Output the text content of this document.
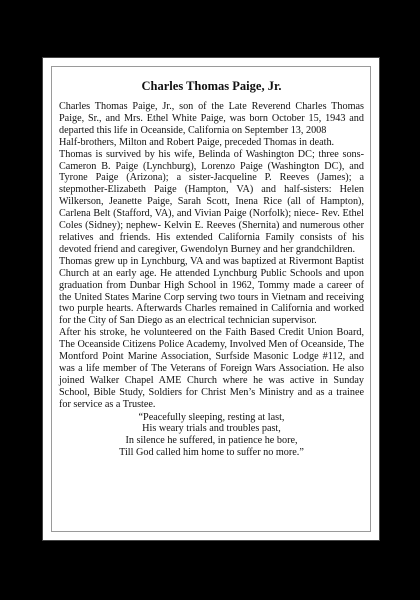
Charles Thomas Paige, Jr.

Charles Thomas Paige, Jr., son of the Late Reverend Charles Thomas Paige, Sr., and Mrs. Ethel White Paige, was born October 15, 1943 and departed this life in Oceanside, California on September 13, 2008

Half-brothers, Milton and Robert Paige, preceded Thomas in death.

Thomas is survived by his wife, Belinda of Washington DC; three sons- Cameron B. Paige (Lynchburg), Lorenzo Paige (Washington DC), and Tyrone Paige (Arizona); a sister-Jacqueline P. Reeves (James); a stepmother-Elizabeth Paige (Hampton, VA) and half-sisters: Helen Wilkerson, Jeanette Paige, Sarah Scott, Inena Rice (all of Hampton), Carlena Belt (Stafford, VA), and Vivian Paige (Norfolk); niece- Rev. Ethel Coles (Sidney); nephew- Kelvin E. Reeves (Shernita) and numerous other relatives and friends. His extended California Family consists of his devoted friend and caregiver, Gwendolyn Burney and her grandchildren.

Thomas grew up in Lynchburg, VA and was baptized at Rivermont Baptist Church at an early age. He attended Lynchburg Public Schools and upon graduation from Dunbar High School in 1962, Tommy made a career of the United States Marine Corp serving two tours in Vietnam and receiving two purple hearts. Afterwards Charles remained in California and worked for the City of San Diego as an electrical technician supervisor.

After his stroke, he volunteered on the Faith Based Credit Union Board, The Oceanside Citizens Police Academy, Involved Men of Oceanside, The Montford Point Marine Association, Surfside Masonic Lodge #112, and was a life member of The Veterans of Foreign Wars Association. He also joined Walker Chapel AME Church where he was active in Sunday School, Bible Study, Soldiers for Christ Men’s Ministry and as a trainee for service as a Trustee.

“Peacefully sleeping, resting at last,
His weary trials and troubles past,
In silence he suffered, in patience he bore,
Till God called him home to suffer no more.”
